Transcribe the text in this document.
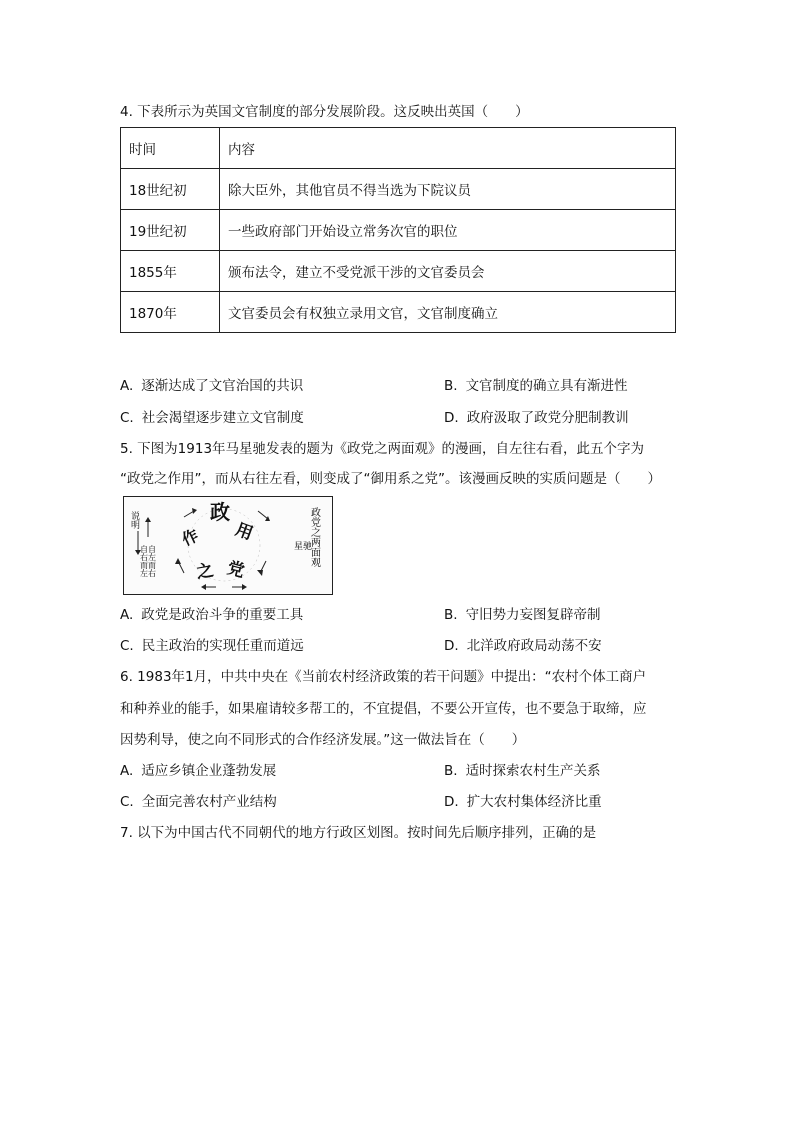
4. 下表所示为英国文官制度的部分发展阶段。这反映出英国（　　）
时间	内容
18世纪初	除大臣外，其他官员不得当选为下院议员
19世纪初	一些政府部门开始设立常务次官的职位
1855年	颁布法令，建立不受党派干涉的文官委员会
1870年	文官委员会有权独立录用文官，文官制度确立
A. 逐渐达成了文官治国的共识	B. 文官制度的确立具有渐进性
C. 社会渴望逐步建立文官制度	D. 政府汲取了政党分肥制教训
5. 下图为1913年马星驰发表的题为《政党之两面观》的漫画，自左往右看，此五个字为
“政党之作用”，而从右往左看，则变成了“御用系之党”。该漫画反映的实质问题是（　　）
说明
自右而左 自左而右
政
用
作
之 党
政党之两面观
星驰
A. 政党是政治斗争的重要工具	B. 守旧势力妄图复辟帝制
C. 民主政治的实现任重而道远	D. 北洋政府政局动荡不安
6. 1983年1月，中共中央在《当前农村经济政策的若干问题》中提出：“农村个体工商户
和种养业的能手，如果雇请较多帮工的，不宜提倡，不要公开宣传，也不要急于取缔，应
因势利导，使之向不同形式的合作经济发展。”这一做法旨在（　　）
A. 适应乡镇企业蓬勃发展	B. 适时探索农村生产关系
C. 全面完善农村产业结构	D. 扩大农村集体经济比重
7. 以下为中国古代不同朝代的地方行政区划图。按时间先后顺序排列，正确的是
